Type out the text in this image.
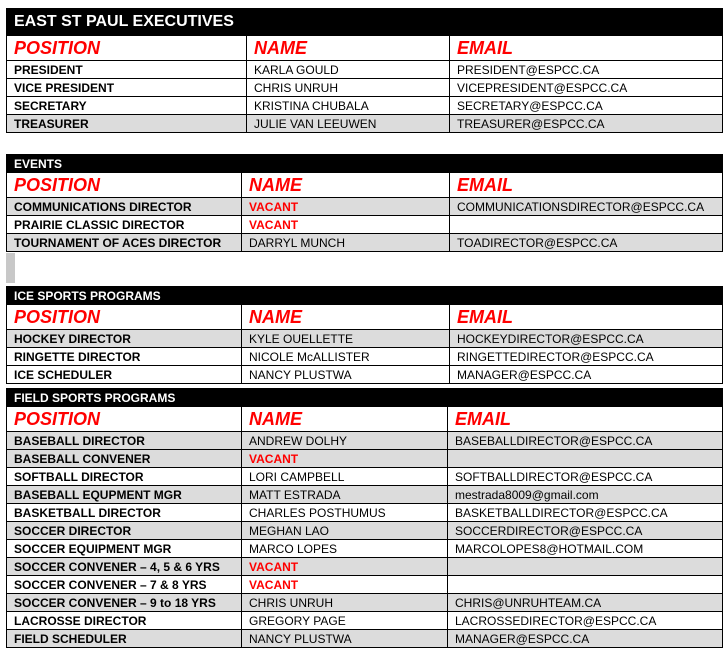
EAST ST PAUL EXECUTIVES		
POSITION	NAME	EMAIL
PRESIDENT	KARLA GOULD	PRESIDENT@ESPCC.CA
VICE PRESIDENT	CHRIS UNRUH	VICEPRESIDENT@ESPCC.CA
SECRETARY	KRISTINA CHUBALA	SECRETARY@ESPCC.CA
TREASURER	JULIE VAN LEEUWEN	TREASURER@ESPCC.CA
EVENTS		
POSITION	NAME	EMAIL
COMMUNICATIONS DIRECTOR	VACANT	COMMUNICATIONSDIRECTOR@ESPCC.CA
PRAIRIE CLASSIC DIRECTOR	VACANT	
TOURNAMENT OF ACES DIRECTOR	DARRYL MUNCH	TOADIRECTOR@ESPCC.CA
ICE SPORTS PROGRAMS		
POSITION	NAME	EMAIL
HOCKEY DIRECTOR	KYLE OUELLETTE	HOCKEYDIRECTOR@ESPCC.CA
RINGETTE DIRECTOR	NICOLE McALLISTER	RINGETTEDIRECTOR@ESPCC.CA
ICE SCHEDULER	NANCY PLUSTWA	MANAGER@ESPCC.CA
FIELD SPORTS PROGRAMS		
POSITION	NAME	EMAIL
BASEBALL DIRECTOR	ANDREW DOLHY	BASEBALLDIRECTOR@ESPCC.CA
BASEBALL CONVENER	VACANT	
SOFTBALL DIRECTOR	LORI CAMPBELL	SOFTBALLDIRECTOR@ESPCC.CA
BASEBALL EQUPMENT MGR	MATT ESTRADA	mestrada8009@gmail.com
BASKETBALL DIRECTOR	CHARLES POSTHUMUS	BASKETBALLDIRECTOR@ESPCC.CA
SOCCER DIRECTOR	MEGHAN LAO	SOCCERDIRECTOR@ESPCC.CA
SOCCER EQUIPMENT MGR	MARCO LOPES	MARCOLOPES8@HOTMAIL.COM
SOCCER CONVENER – 4, 5 & 6 YRS	VACANT	
SOCCER CONVENER – 7 & 8 YRS	VACANT	
SOCCER CONVENER – 9 to 18 YRS	CHRIS UNRUH	CHRIS@UNRUHTEAM.CA
LACROSSE DIRECTOR	GREGORY PAGE	LACROSSEDIRECTOR@ESPCC.CA
FIELD SCHEDULER	NANCY PLUSTWA	MANAGER@ESPCC.CA
